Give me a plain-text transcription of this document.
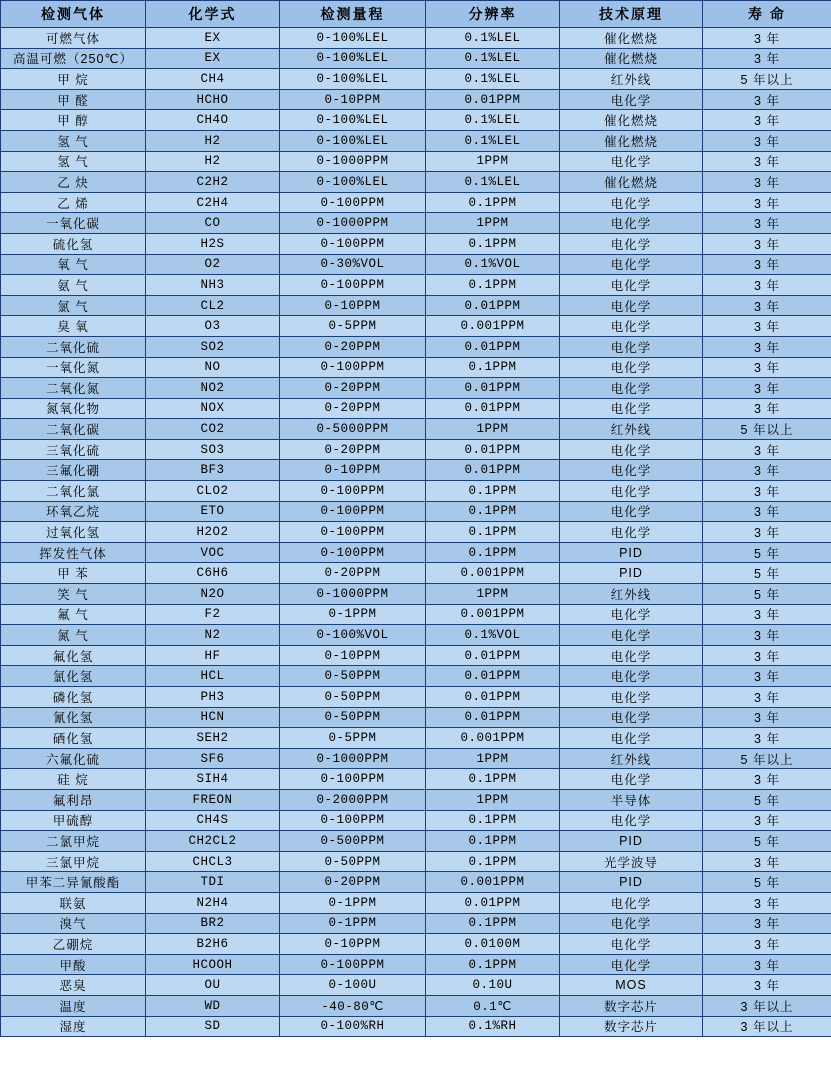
检测气体	化学式	检测量程	分辨率	技术原理	寿 命
可燃气体	EX	0-100%LEL	0.1%LEL	催化燃烧	3 年
高温可燃（250℃）	EX	0-100%LEL	0.1%LEL	催化燃烧	3 年
甲 烷	CH4	0-100%LEL	0.1%LEL	红外线	5 年以上
甲 醛	HCHO	0-10PPM	0.01PPM	电化学	3 年
甲 醇	CH4O	0-100%LEL	0.1%LEL	催化燃烧	3 年
氢 气	H2	0-100%LEL	0.1%LEL	催化燃烧	3 年
氢 气	H2	0-1000PPM	1PPM	电化学	3 年
乙 炔	C2H2	0-100%LEL	0.1%LEL	催化燃烧	3 年
乙 烯	C2H4	0-100PPM	0.1PPM	电化学	3 年
一氧化碳	CO	0-1000PPM	1PPM	电化学	3 年
硫化氢	H2S	0-100PPM	0.1PPM	电化学	3 年
氧 气	O2	0-30%VOL	0.1%VOL	电化学	3 年
氨 气	NH3	0-100PPM	0.1PPM	电化学	3 年
氯 气	CL2	0-10PPM	0.01PPM	电化学	3 年
臭 氧	O3	0-5PPM	0.001PPM	电化学	3 年
二氧化硫	SO2	0-20PPM	0.01PPM	电化学	3 年
一氧化氮	NO	0-100PPM	0.1PPM	电化学	3 年
二氧化氮	NO2	0-20PPM	0.01PPM	电化学	3 年
氮氧化物	NOX	0-20PPM	0.01PPM	电化学	3 年
二氧化碳	CO2	0-5000PPM	1PPM	红外线	5 年以上
三氧化硫	SO3	0-20PPM	0.01PPM	电化学	3 年
三氟化硼	BF3	0-10PPM	0.01PPM	电化学	3 年
二氧化氯	CLO2	0-100PPM	0.1PPM	电化学	3 年
环氧乙烷	ETO	0-100PPM	0.1PPM	电化学	3 年
过氧化氢	H2O2	0-100PPM	0.1PPM	电化学	3 年
挥发性气体	VOC	0-100PPM	0.1PPM	PID	5 年
甲 苯	C6H6	0-20PPM	0.001PPM	PID	5 年
笑 气	N2O	0-1000PPM	1PPM	红外线	5 年
氟 气	F2	0-1PPM	0.001PPM	电化学	3 年
氮 气	N2	0-100%VOL	0.1%VOL	电化学	3 年
氟化氢	HF	0-10PPM	0.01PPM	电化学	3 年
氯化氢	HCL	0-50PPM	0.01PPM	电化学	3 年
磷化氢	PH3	0-50PPM	0.01PPM	电化学	3 年
氰化氢	HCN	0-50PPM	0.01PPM	电化学	3 年
硒化氢	SEH2	0-5PPM	0.001PPM	电化学	3 年
六氟化硫	SF6	0-1000PPM	1PPM	红外线	5 年以上
硅 烷	SIH4	0-100PPM	0.1PPM	电化学	3 年
氟利昂	FREON	0-2000PPM	1PPM	半导体	5 年
甲硫醇	CH4S	0-100PPM	0.1PPM	电化学	3 年
二氯甲烷	CH2CL2	0-500PPM	0.1PPM	PID	5 年
三氯甲烷	CHCL3	0-50PPM	0.1PPM	光学波导	3 年
甲苯二异氰酸酯	TDI	0-20PPM	0.001PPM	PID	5 年
联氨	N2H4	0-1PPM	0.01PPM	电化学	3 年
溴气	BR2	0-1PPM	0.1PPM	电化学	3 年
乙硼烷	B2H6	0-10PPM	0.0100M	电化学	3 年
甲酸	HCOOH	0-100PPM	0.1PPM	电化学	3 年
恶臭	OU	0-100U	0.10U	MOS	3 年
温度	WD	-40-80℃	0.1℃	数字芯片	3 年以上
湿度	SD	0-100%RH	0.1%RH	数字芯片	3 年以上
